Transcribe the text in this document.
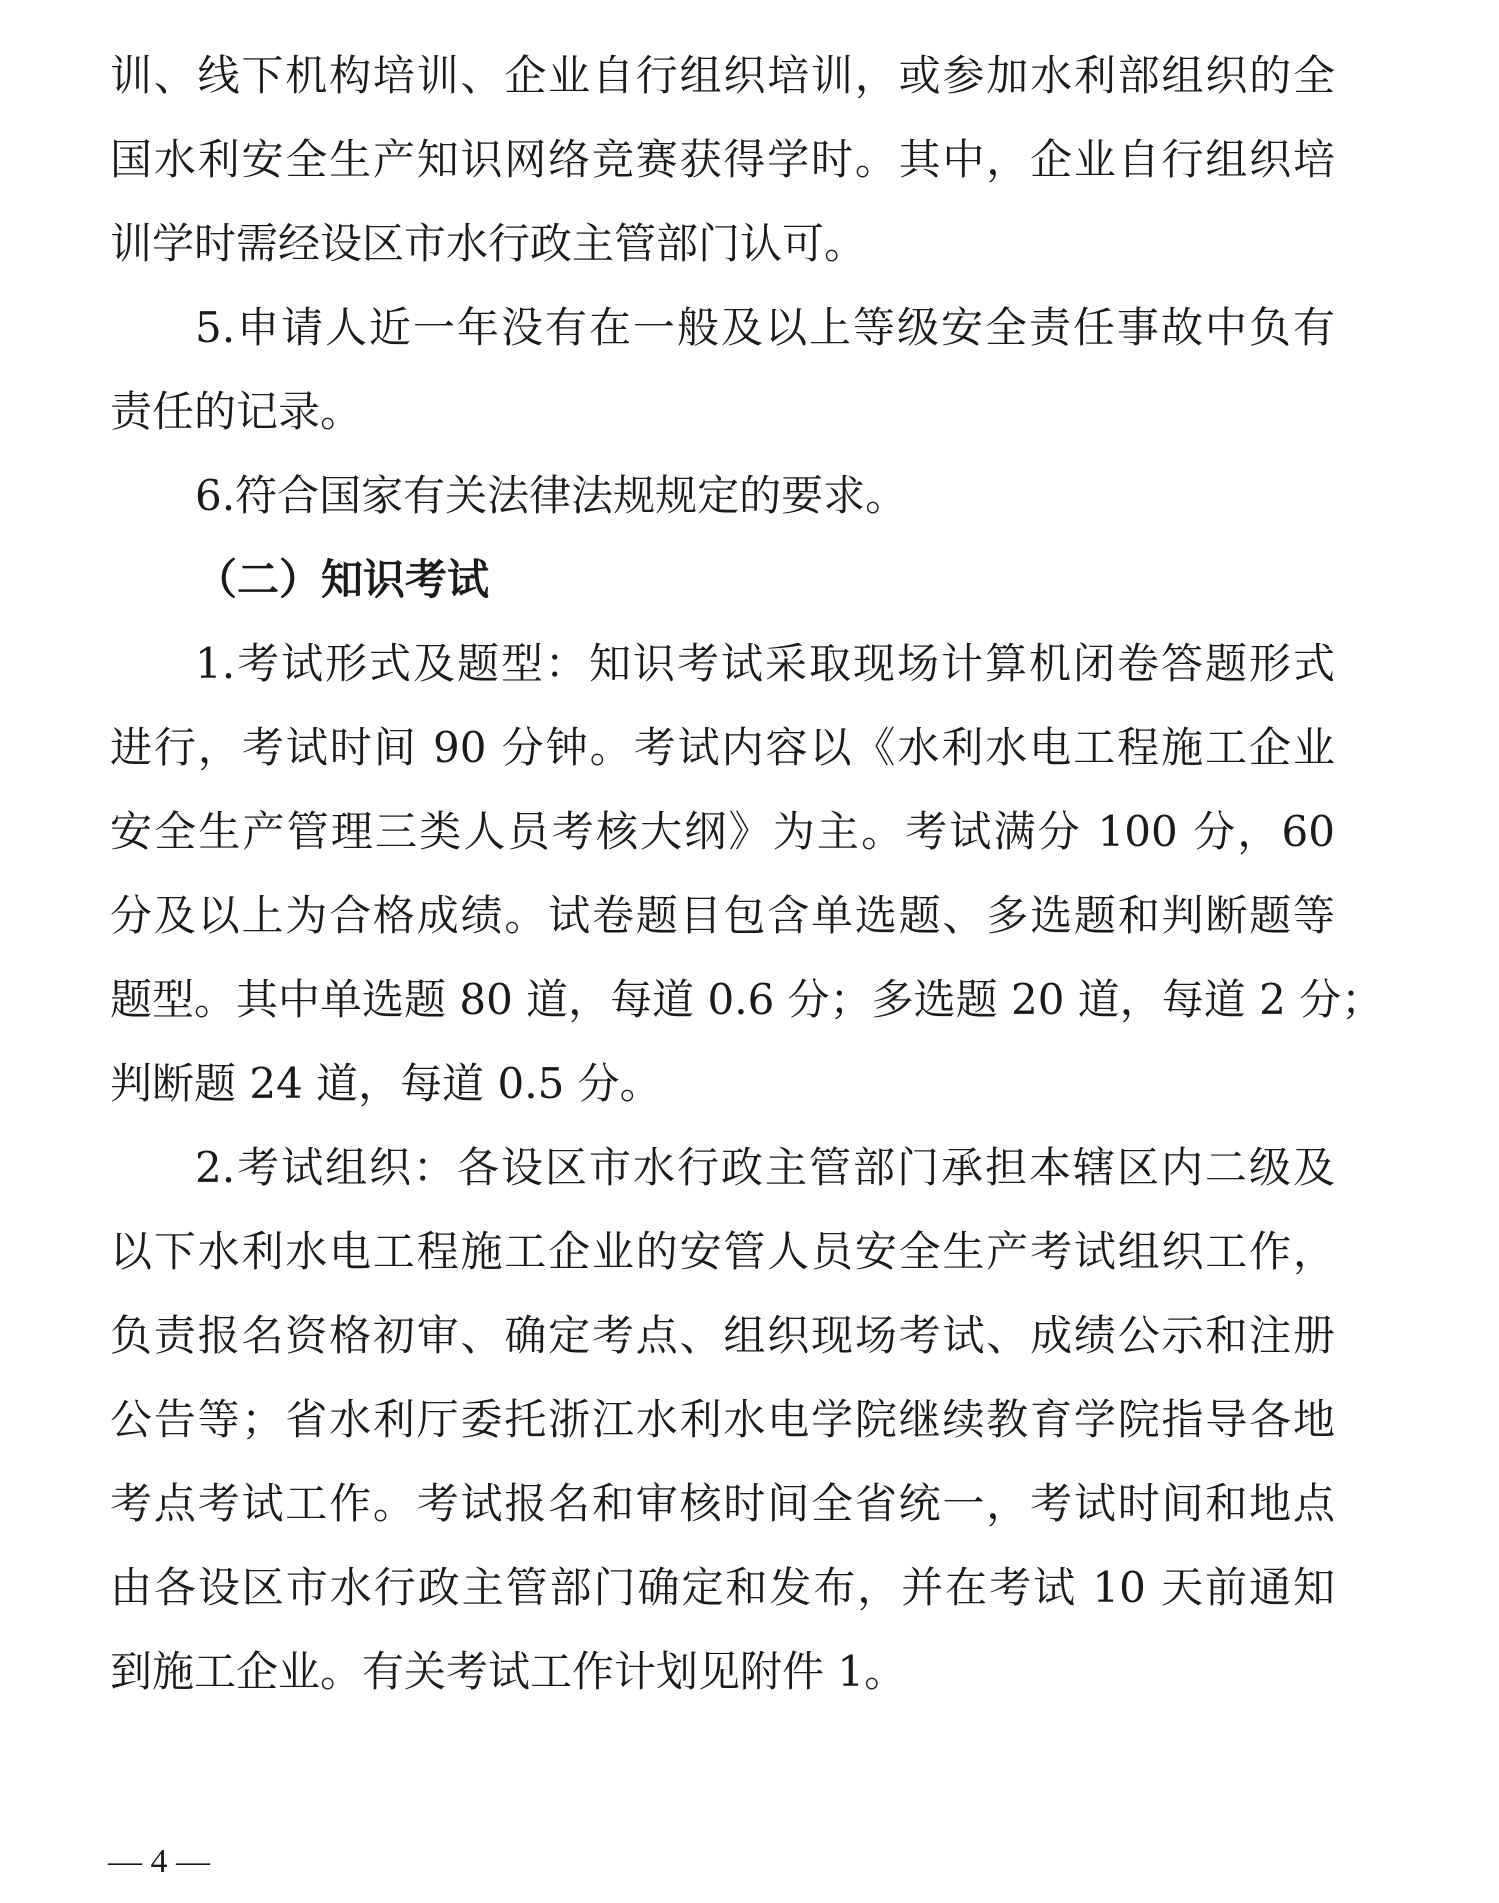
训、线下机构培训、企业自行组织培训，或参加水利部组织的全

国水利安全生产知识网络竞赛获得学时。其中，企业自行组织培

训学时需经设区市水行政主管部门认可。

5.申请人近一年没有在一般及以上等级安全责任事故中负有

责任的记录。

6.符合国家有关法律法规规定的要求。

（二）知识考试

1.考试形式及题型：知识考试采取现场计算机闭卷答题形式

进行，考试时间 90 分钟。考试内容以《水利水电工程施工企业

安全生产管理三类人员考核大纲》为主。考试满分 100 分，60

分及以上为合格成绩。试卷题目包含单选题、多选题和判断题等

题型。其中单选题 80 道，每道 0.6 分；多选题 20 道，每道 2 分；

判断题 24 道，每道 0.5 分。

2.考试组织：各设区市水行政主管部门承担本辖区内二级及

以下水利水电工程施工企业的安管人员安全生产考试组织工作，

负责报名资格初审、确定考点、组织现场考试、成绩公示和注册

公告等；省水利厅委托浙江水利水电学院继续教育学院指导各地

考点考试工作。考试报名和审核时间全省统一，考试时间和地点

由各设区市水行政主管部门确定和发布，并在考试 10 天前通知

到施工企业。有关考试工作计划见附件 1。

— 4 —
